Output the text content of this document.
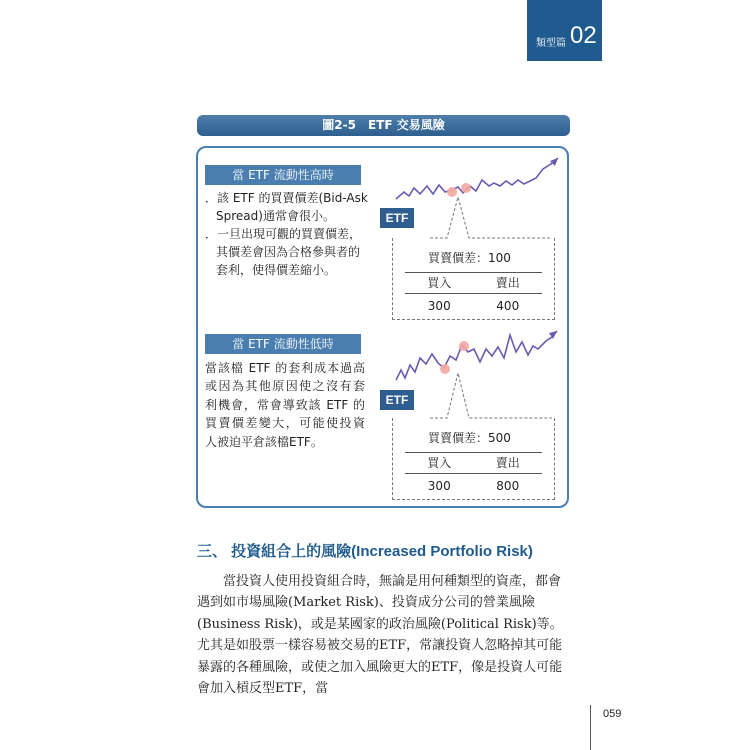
類型篇 02
圖2-5　ETF 交易風險
當 ETF 流動性高時
．該 ETF 的買賣價差(Bid-Ask Spread)通常會很小。
．一旦出現可觀的買賣價差，其價差會因為合格參與者的套利，使得價差縮小。
ETF
買賣價差：100
買入	賣出
300	400
當 ETF 流動性低時
當該檔 ETF 的套利成本過高
或因為其他原因使之沒有套
利機會，常會導致該 ETF 的
買賣價差變大，可能使投資
人被迫平倉該檔ETF。
ETF
買賣價差：500
買入	賣出
300	800
三、 投資組合上的風險(Increased Portfolio Risk)

當投資人使用投資組合時，無論是用何種類型的資產，都會遇到如市場風險(Market Risk)、投資成分公司的營業風險(Business Risk)，或是某國家的政治風險(Political Risk)等。尤其是如股票一樣容易被交易的ETF，常讓投資人忽略掉其可能暴露的各種風險，或使之加入風險更大的ETF，像是投資人可能會加入槓反型ETF，當

059
